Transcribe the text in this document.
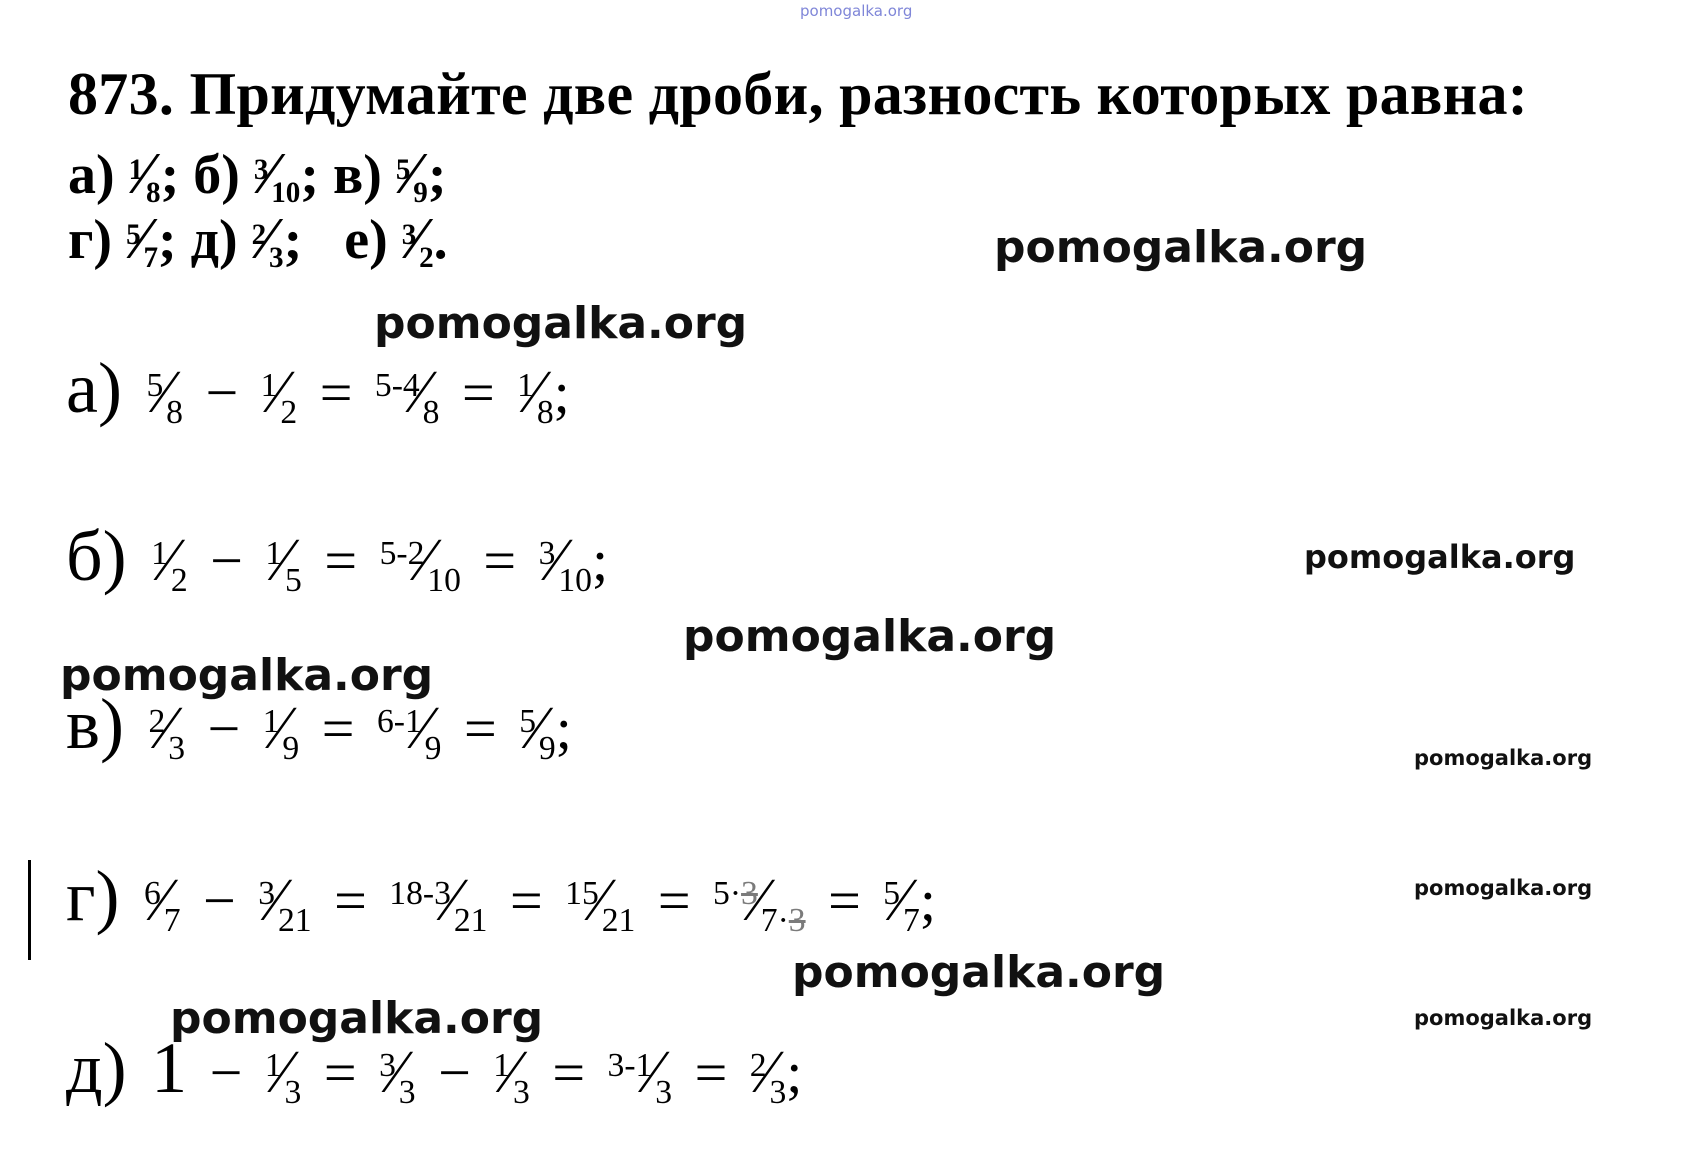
pomogalka.org
873. Придумайте две дроби, разность которых равна:
а) $^1$⁄8; б) $^3$⁄10; в) $^5$⁄9;
г) $^5$⁄7; д) $^2$⁄3; е) $^3$⁄2.
а) $^5$⁄8 − $^1$⁄2 = $^{5-4}$⁄8 = $^1$⁄8;
б) $^1$⁄2 − $^1$⁄5 = $^{5-2}$⁄10 = $^3$⁄10;
в) $^2$⁄3 − $^1$⁄9 = $^{6-1}$⁄9 = $^5$⁄9;
г) $^6$⁄7 − $^3$⁄21 = $^{18-3}$⁄21 = $^{15}$⁄21 = $^{5\cdot 3}$⁄7·3 = $^5$⁄7;
д) 1 − $^1$⁄3 = $^3$⁄3 − $^1$⁄3 = $^{3-1}$⁄3 = $^2$⁄3;
pomogalka.org
pomogalka.org
pomogalka.org
pomogalka.org
pomogalka.org
pomogalka.org
pomogalka.org
pomogalka.org
pomogalka.org	pomogalka.org
